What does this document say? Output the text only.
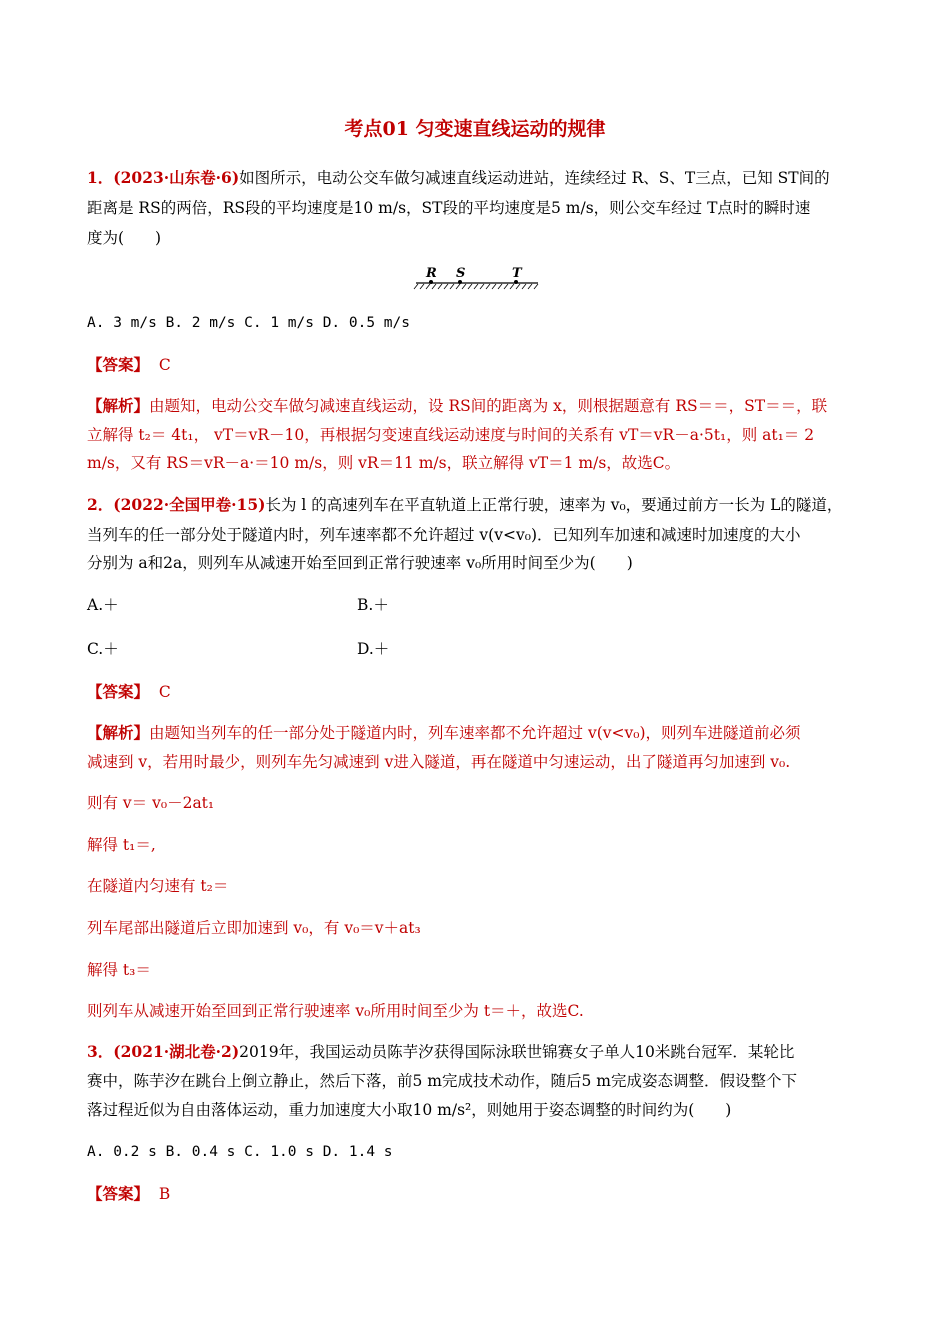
考点01 匀变速直线运动的规律
1．(2023·山东卷·6)如图所示，电动公交车做匀减速直线运动进站，连续经过 R、S、T三点，已知 ST间的
距离是 RS的两倍，RS段的平均速度是10 m/s，ST段的平均速度是5 m/s，则公交车经过 T点时的瞬时速
度为(　　)
R S	T
A. 3 m/s B. 2 m/s C. 1 m/s D. 0.5 m/s
【答案】 C
【解析】由题知，电动公交车做匀减速直线运动，设 RS间的距离为 x，则根据题意有 RS＝＝，ST＝＝，联
立解得 t₂＝ 4t₁， vT＝vR－10，再根据匀变速直线运动速度与时间的关系有 vT＝vR－a·5t₁，则 at₁＝ 2
m/s，又有 RS＝vR－a·＝10 m/s，则 vR＝11 m/s，联立解得 vT＝1 m/s，故选C。
2．(2022·全国甲卷·15)长为 l 的高速列车在平直轨道上正常行驶，速率为 v₀，要通过前方一长为 L的隧道，
当列车的任一部分处于隧道内时，列车速率都不允许超过 v(v<v₀)．已知列车加速和减速时加速度的大小
分别为 a和2a，则列车从减速开始至回到正常行驶速率 v₀所用时间至少为(　　)
A.＋	B.＋
C.＋	D.＋
【答案】 C
【解析】由题知当列车的任一部分处于隧道内时，列车速率都不允许超过 v(v<v₀)，则列车进隧道前必须
减速到 v，若用时最少，则列车先匀减速到 v进入隧道，再在隧道中匀速运动，出了隧道再匀加速到 v₀.
则有 v＝ v₀－2at₁
解得 t₁＝,
在隧道内匀速有 t₂＝
列车尾部出隧道后立即加速到 v₀，有 v₀＝v＋at₃
解得 t₃＝
则列车从减速开始至回到正常行驶速率 v₀所用时间至少为 t＝＋，故选C.
3．(2021·湖北卷·2)2019年，我国运动员陈芋汐获得国际泳联世锦赛女子单人10米跳台冠军．某轮比
赛中，陈芋汐在跳台上倒立静止，然后下落，前5 m完成技术动作，随后5 m完成姿态调整．假设整个下
落过程近似为自由落体运动，重力加速度大小取10 m/s²，则她用于姿态调整的时间约为(　　)
A. 0.2 s B. 0.4 s C. 1.0 s D. 1.4 s
【答案】 B
